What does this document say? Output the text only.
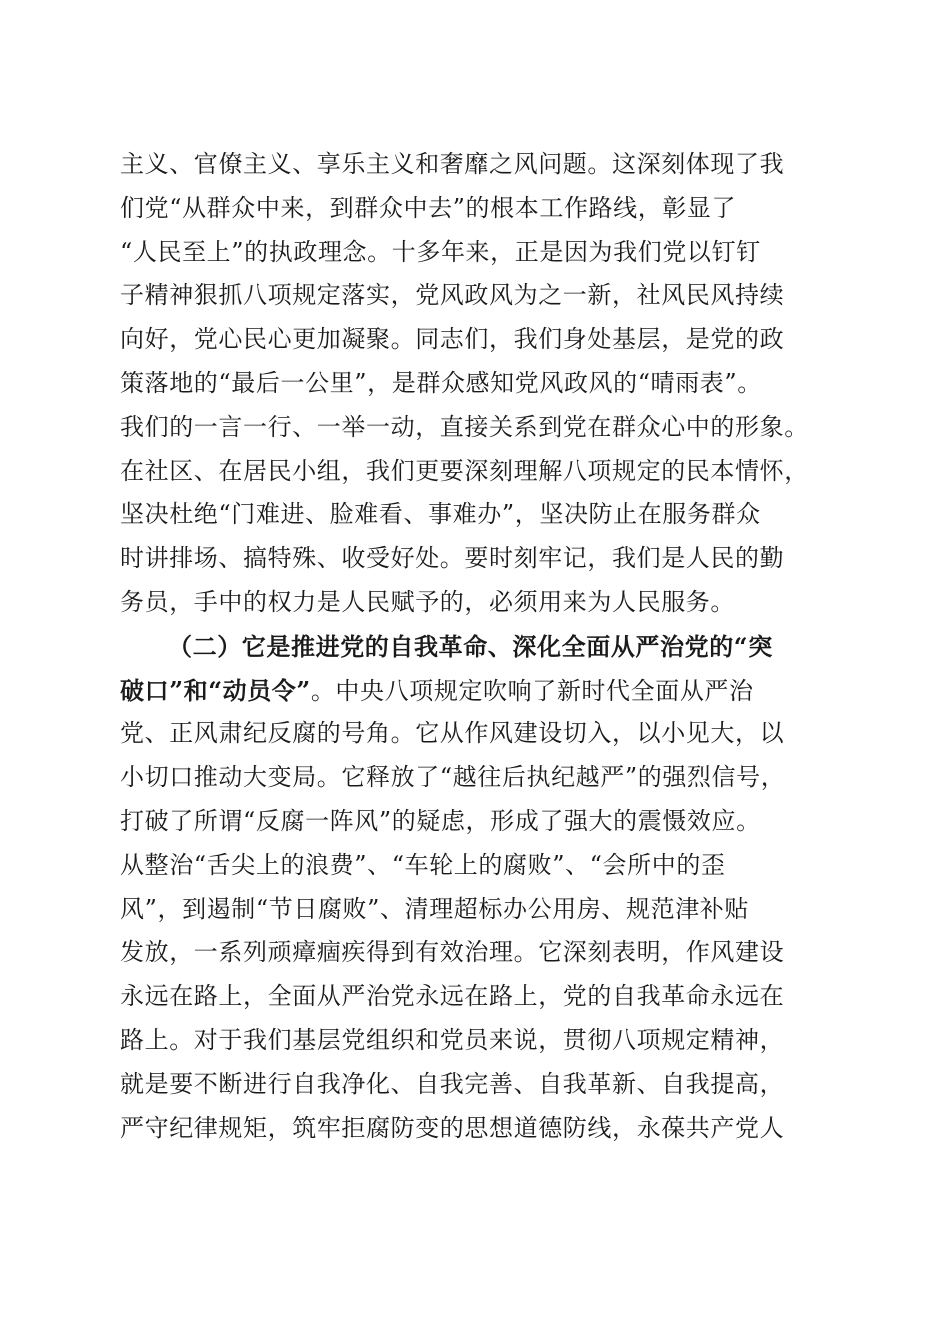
主义、官僚主义、享乐主义和奢靡之风问题。这深刻体现了我
们党“从群众中来，到群众中去”的根本工作路线，彰显了
“人民至上”的执政理念。十多年来，正是因为我们党以钉钉
子精神狠抓八项规定落实，党风政风为之一新，社风民风持续
向好，党心民心更加凝聚。同志们，我们身处基层，是党的政
策落地的“最后一公里”，是群众感知党风政风的“晴雨表”。
我们的一言一行、一举一动，直接关系到党在群众心中的形象。
在社区、在居民小组，我们更要深刻理解八项规定的民本情怀，
坚决杜绝“门难进、脸难看、事难办”，坚决防止在服务群众
时讲排场、搞特殊、收受好处。要时刻牢记，我们是人民的勤
务员，手中的权力是人民赋予的，必须用来为人民服务。
（二）它是推进党的自我革命、深化全面从严治党的“突
破口”和“动员令”。中央八项规定吹响了新时代全面从严治
党、正风肃纪反腐的号角。它从作风建设切入，以小见大，以
小切口推动大变局。它释放了“越往后执纪越严”的强烈信号，
打破了所谓“反腐一阵风”的疑虑，形成了强大的震慑效应。
从整治“舌尖上的浪费”、“车轮上的腐败”、“会所中的歪
风”，到遏制“节日腐败”、清理超标办公用房、规范津补贴
发放，一系列顽瘴痼疾得到有效治理。它深刻表明，作风建设
永远在路上，全面从严治党永远在路上，党的自我革命永远在
路上。对于我们基层党组织和党员来说，贯彻八项规定精神，
就是要不断进行自我净化、自我完善、自我革新、自我提高，
严守纪律规矩，筑牢拒腐防变的思想道德防线，永葆共产党人
